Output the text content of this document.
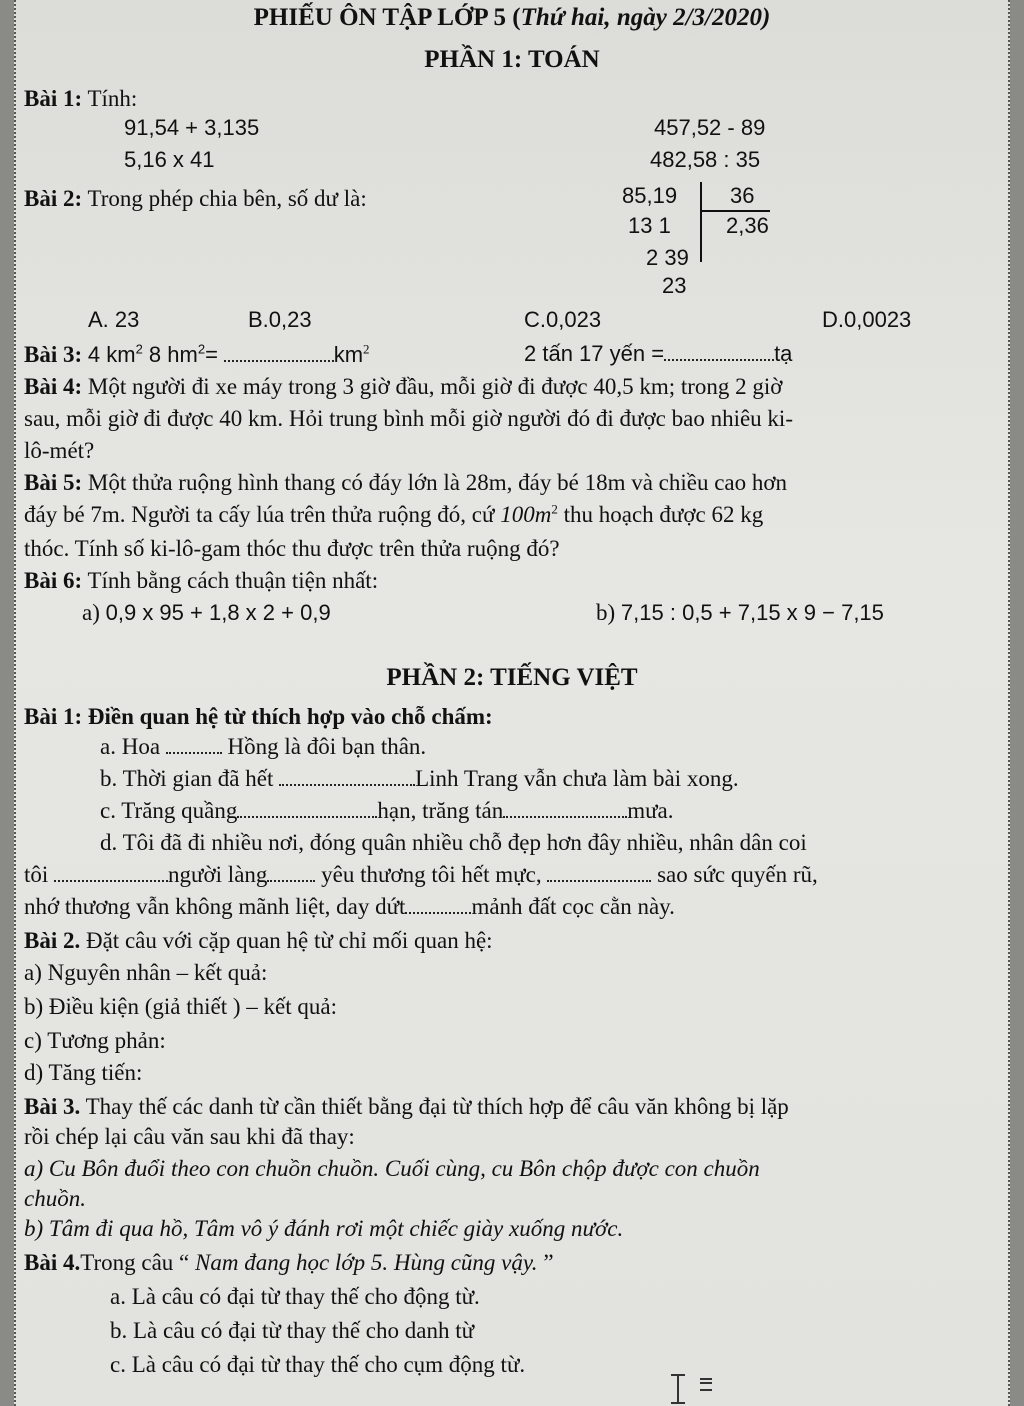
PHIẾU ÔN TẬP LỚP 5 (Thứ hai, ngày 2/3/2020)
PHẦN 1: TOÁN
Bài 1: Tính:
91,54 + 3,135	457,52 - 89
5,16 x 41	482,58 : 35
Bài 2: Trong phép chia bên, số dư là:	85,19 36
13 1	2,36
2 39
23
A. 23	B.0,23	C.0,023	D.0,0023
Bài 3: 4 $km^2$ 8 $hm^2=$	$km^2$	2 tấn 17 yến =	tạ
Bài 4: Một người đi xe máy trong 3 giờ đầu, mỗi giờ đi được 40,5 km; trong 2 giờ
sau, mỗi giờ đi được 40 km. Hỏi trung bình mỗi giờ người đó đi được bao nhiêu ki-
lô-mét?
Bài 5: Một thửa ruộng hình thang có đáy lớn là 28m, đáy bé 18m và chiều cao hơn
đáy bé 7m. Người ta cấy lúa trên thửa ruộng đó, cứ $100m^2$ thu hoạch được 62 kg
thóc. Tính số ki-lô-gam thóc thu được trên thửa ruộng đó?
Bài 6: Tính bằng cách thuận tiện nhất:
a) 0,9 x 95 + 1,8 x 2 + 0,9	b) 7,15 : 0,5 + 7,15 x 9 − 7,15
PHẦN 2: TIẾNG VIỆT
Bài 1: Điền quan hệ từ thích hợp vào chỗ chấm:
a. Hoa	Hồng là đôi bạn thân.
b. Thời gian đã hết	Linh Trang vẫn chưa làm bài xong.
c. Trăng quầng	hạn, trăng tán	mưa.
d. Tôi đã đi nhiều nơi, đóng quân nhiều chỗ đẹp hơn đây nhiều, nhân dân coi
tôi	người làng yêu thương tôi hết mực,	sao sức quyến rũ,
nhớ thương vẫn không mãnh liệt, day dứt	mảnh đất cọc cằn này.
Bài 2. Đặt câu với cặp quan hệ từ chỉ mối quan hệ:
a) Nguyên nhân – kết quả:
b) Điều kiện (giả thiết ) – kết quả:
c) Tương phản:
d) Tăng tiến:
Bài 3. Thay thế các danh từ cần thiết bằng đại từ thích hợp để câu văn không bị lặp
rồi chép lại câu văn sau khi đã thay:
a) Cu Bôn đuổi theo con chuồn chuồn. Cuối cùng, cu Bôn chộp được con chuồn
chuồn.
b) Tâm đi qua hồ, Tâm vô ý đánh rơi một chiếc giày xuống nước.
Bài 4.Trong câu “ Nam đang học lớp 5. Hùng cũng vậy. ”
a. Là câu có đại từ thay thế cho động từ.
b. Là câu có đại từ thay thế cho danh từ
c. Là câu có đại từ thay thế cho cụm động từ.
